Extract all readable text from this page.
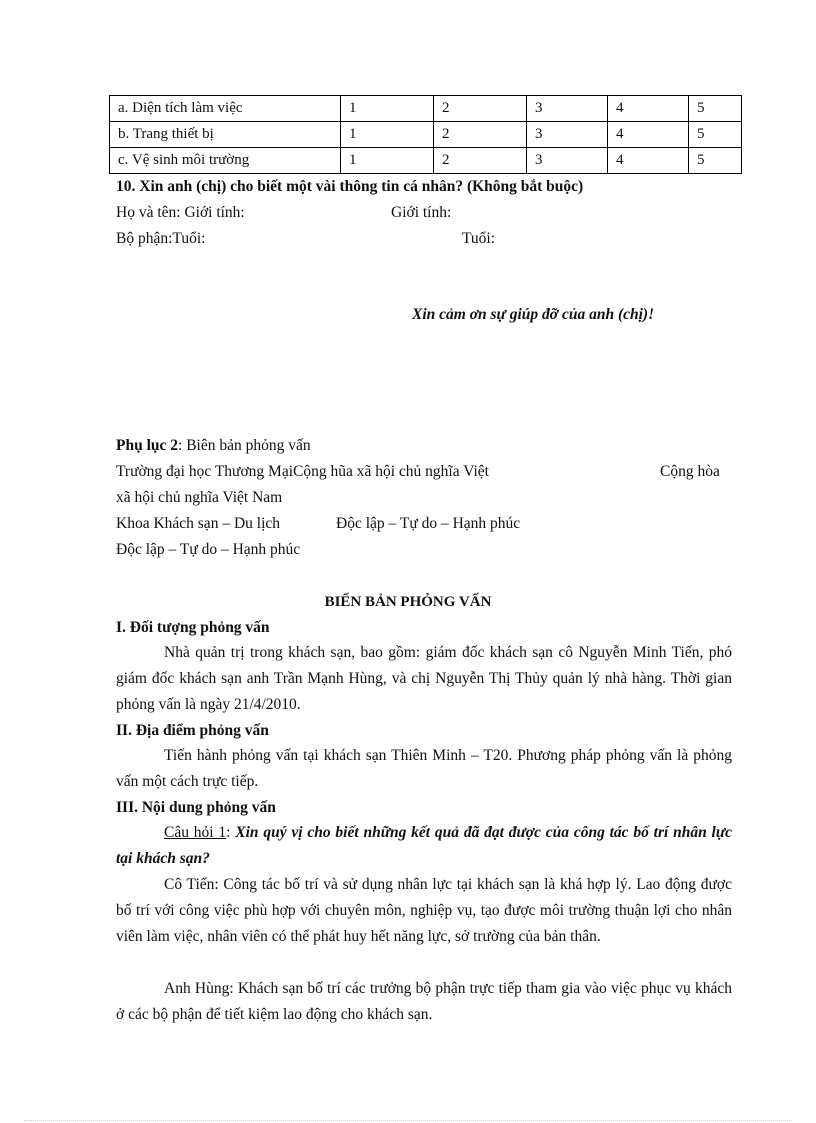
a. Diện tích làm việc	1	2	3	4	5
b. Trang thiết bị	1	2	3	4	5
c. Vệ sinh môi trường	1	2	3	4	5
10. Xin anh (chị) cho biết một vài thông tin cá nhân? (Không bắt buộc)
Họ và tên: Giới tính:	Giới tính:
Bộ phận:Tuổi:	Tuổi:
Xin cảm ơn sự giúp đỡ của anh (chị)!
Phụ lục 2: Biên bản phỏng vấn
Trường đại học Thương MạiCộng hũa xã hội chủ nghĩa Việt	Cộng hòa
xã hội chủ nghĩa Việt Nam
Khoa Khách sạn – Du lịch	Độc lập – Tự do – Hạnh phúc
Độc lập – Tự do – Hạnh phúc
BIẾN BẢN PHỎNG VẤN
I. Đối tượng phỏng vấn
Nhà quản trị trong khách sạn, bao gồm: giám đốc khách sạn cô Nguyễn Minh Tiến, phó giám đốc khách sạn anh Trần Mạnh Hùng, và chị Nguyễn Thị Thủy quản lý nhà hàng. Thời gian phỏng vấn là ngày 21/4/2010.
II. Địa điểm phỏng vấn
Tiến hành phỏng vấn tại khách sạn Thiên Minh – T20. Phương pháp phỏng vấn là phỏng vấn một cách trực tiếp.
III. Nội dung phỏng vấn
Câu hỏi 1: Xin quý vị cho biết những kết quả đã đạt được của công tác bố trí nhân lực tại khách sạn?
Cô Tiến: Công tác bố trí và sử dụng nhân lực tại khách sạn là khá hợp lý. Lao động được bố trí với công việc phù hợp với chuyên môn, nghiệp vụ, tạo được môi trường thuận lợi cho nhân viên làm việc, nhân viên có thể phát huy hết năng lực, sở trường của bản thân.
Anh Hùng: Khách sạn bố trí các trưởng bộ phận trực tiếp tham gia vào việc phục vụ khách ở các bộ phận để tiết kiệm lao động cho khách sạn.
